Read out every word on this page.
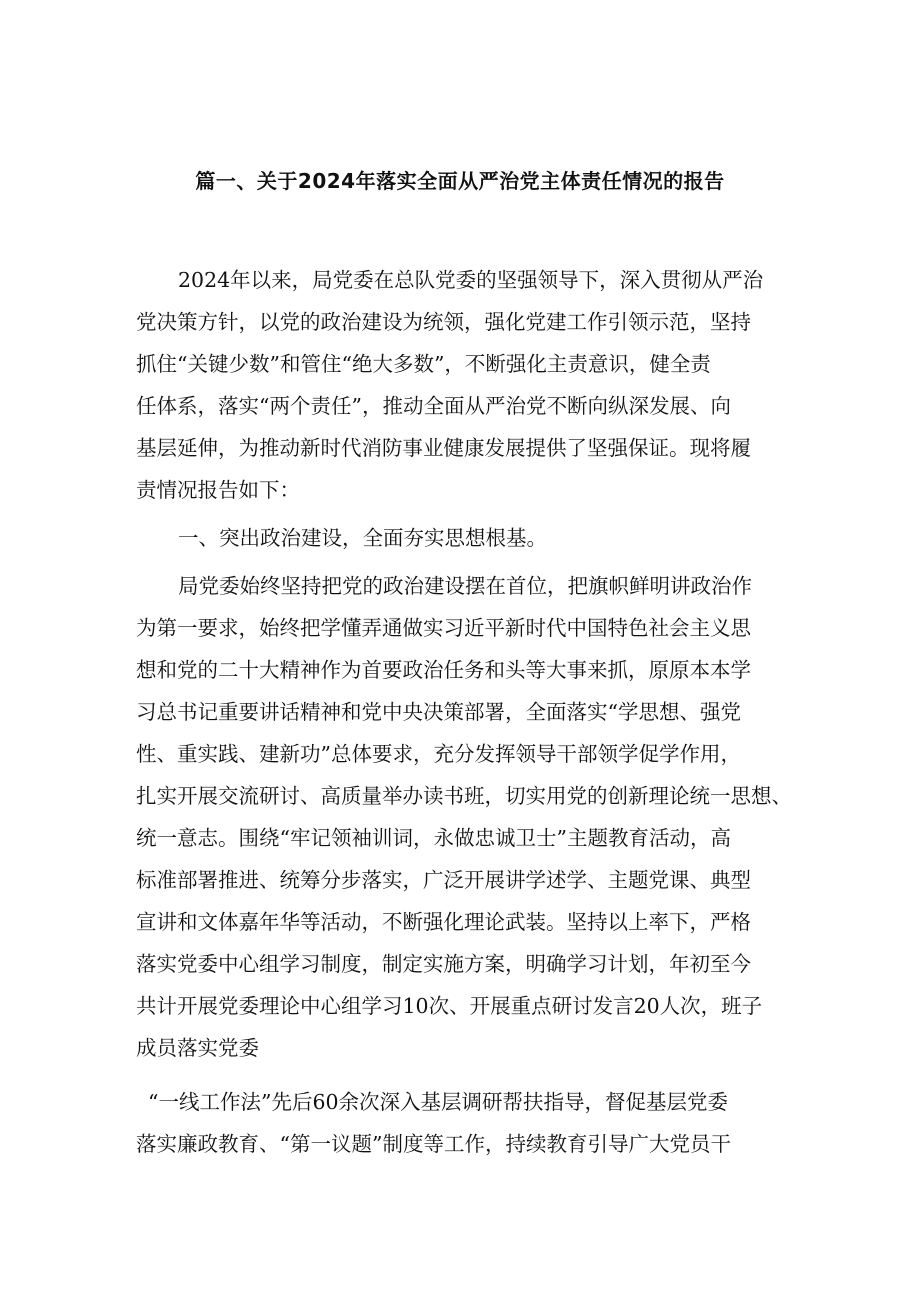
篇一、关于2024年落实全面从严治党主体责任情况的报告
2024年以来，局党委在总队党委的坚强领导下，深入贯彻从严治
党决策方针，以党的政治建设为统领，强化党建工作引领示范，坚持
抓住“关键少数”和管住“绝大多数”，不断强化主责意识，健全责
任体系，落实“两个责任”，推动全面从严治党不断向纵深发展、向
基层延伸，为推动新时代消防事业健康发展提供了坚强保证。现将履
责情况报告如下：
一、突出政治建设，全面夯实思想根基。
局党委始终坚持把党的政治建设摆在首位，把旗帜鲜明讲政治作
为第一要求，始终把学懂弄通做实习近平新时代中国特色社会主义思
想和党的二十大精神作为首要政治任务和头等大事来抓，原原本本学
习总书记重要讲话精神和党中央决策部署，全面落实“学思想、强党
性、重实践、建新功”总体要求，充分发挥领导干部领学促学作用，
扎实开展交流研讨、高质量举办读书班，切实用党的创新理论统一思想、
统一意志。围绕“牢记领袖训词，永做忠诚卫士”主题教育活动，高
标准部署推进、统筹分步落实，广泛开展讲学述学、主题党课、典型
宣讲和文体嘉年华等活动，不断强化理论武装。坚持以上率下，严格
落实党委中心组学习制度，制定实施方案，明确学习计划，年初至今
共计开展党委理论中心组学习10次、开展重点研讨发言20人次，班子
成员落实党委
“一线工作法”先后60余次深入基层调研帮扶指导，督促基层党委
落实廉政教育、“第一议题”制度等工作，持续教育引导广大党员干
